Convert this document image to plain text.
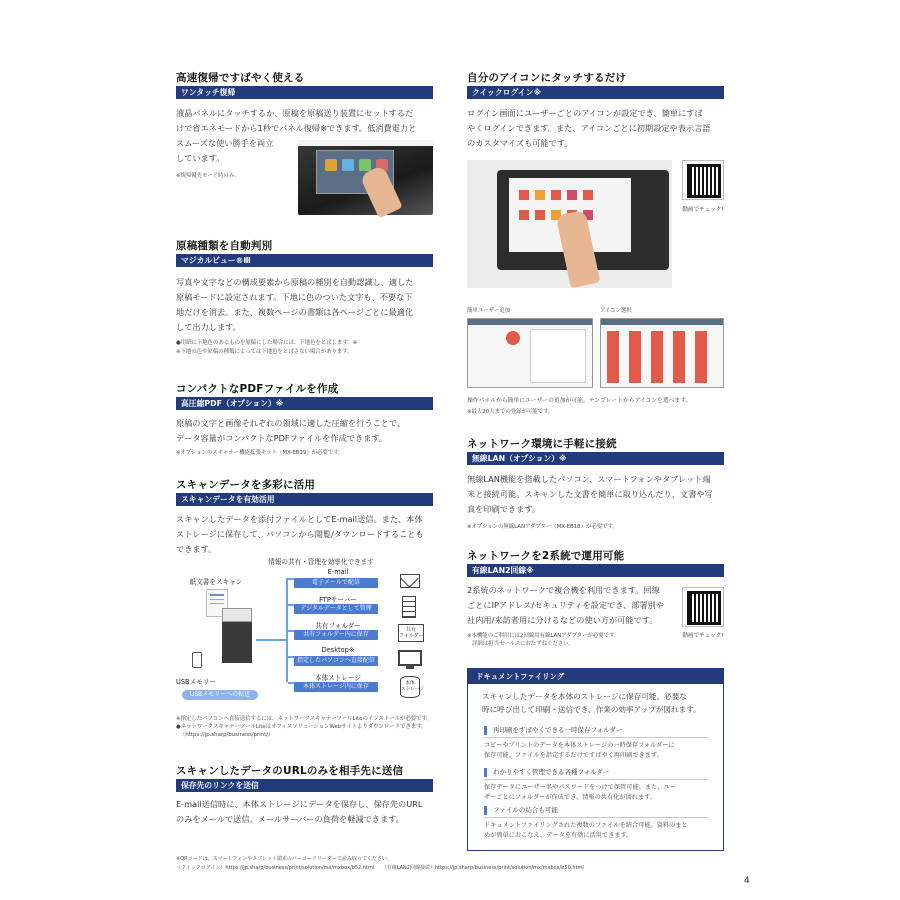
高速復帰ですばやく使える
ワンタッチ復帰
液晶パネルにタッチするか、原稿を原稿送り装置にセットするだ
けで省エネモードから1秒でパネル復帰※できます。低消費電力と
スムーズな使い勝手を両立
しています。
※復帰優先モード時のみ。
原稿種類を自動判別
マジカルビュー®Ⅲ
写真や文字などの構成要素から原稿の種別を自動認識し、適した
原稿モードに設定されます。下地に色のついた文字も、不要な下
地だけを消去。また、複数ページの書類は各ページごとに最適化
して出力します。
●用紙に下地色のあるものを原稿にした場合には、下地色をとばします。※
※下地の色や原稿の種類によっては下地色をとばさない場合があります。
コンパクトなPDFファイルを作成
高圧縮PDF（オプション）※
原稿の文字と画像それぞれの領域に適した圧縮を行うことで、
データ容量がコンパクトなPDFファイルを作成できます。
※オプションのスキャナー機能拡張キット（MX-EB19）が必要です。
スキャンデータを多彩に活用
スキャンデータを有効活用
スキャンしたデータを添付ファイルとしてE-mail送信。また、本体
ストレージに保存して、パソコンから閲覧/ダウンロードすることも
できます。
情報の共有・管理を効率化できます
紙文書をスキャン
USBメモリー
USBメモリーへの転送
E-mail
電子メールで配信
FTPサーバー
デジタルデータとして管理
共有フォルダー
共有フォルダー内に保存
共有
フォルダー
Desktop※
指定したパソコンへ直接配信
本体ストレージ
本体ストレージ内に保存	本体
ストレージ
※指定したパソコンへ直接送信するには、ネットワークスキャナーツールLiteのインストールが必要です。
●ネットワークスキャナーツールLiteはオフィスソリューションWebサイトよりダウンロードできます。
（https://jp.sharp/business/print/）
スキャンしたデータのURLのみを相手先に送信
保存先のリンクを送信
E-mail送信時に、本体ストレージにデータを保存し、保存先のURL
のみをメールで送信。メールサーバーの負荷を軽減できます。
自分のアイコンにタッチするだけ
クイックログイン※
ログイン画面にユーザーごとのアイコンが設定でき、簡単にすば
やくログインできます。また、アイコンごとに初期設定や表示言語
のカスタマイズも可能です。
動画でチェック!
簡単ユーザー追加	アイコン選択
操作パネルから簡単にユーザーの追加が可能。テンプレートからアイコンを選べます。
※最大20人までの登録が可能です。
ネットワーク環境に手軽に接続
無線LAN（オプション）※
無線LAN機能を搭載したパソコン、スマートフォンやタブレット端
末と接続可能。スキャンした文書を簡単に取り込んだり、文書や写
真を印刷できます。
※オプションの無線LANアダプター（MX-EB18）が必要です。
ネットワークを2系統で運用可能
有線LAN2回線※
2系統のネットワークで複合機を利用できます。回線
ごとにIPアドレス/セキュリティを設定でき、部署別や
社内用/来訪者用に分けるなどの使い方が可能です。
※本機能のご利用には2回線用有線LANアダプターが必要です。
詳細は担当セールスにおたずねください。
動画でチェック!
ドキュメントファイリング
スキャンしたデータを本体のストレージに保存可能。必要な
時に呼び出して印刷・送信でき、作業の効率アップが図れます。
再印刷をすばやくできる一時保存フォルダー
コピーやプリントのデータを本体ストレージの一時保存フォルダーに
保存可能。ファイルを指定するだけですばやく再印刷できます。
わかりやすく管理できる各種フォルダー
保存データにユーザー名やパスワードをつけて保管可能。また、ユー
ザーごとにフォルダーが作成でき、情報の共有化が図れます。
ファイルの結合も可能
ドキュメントファイリングされた複数のファイルを結合可能。資料のまと
めが簡単におこなえ、データを有効に活用できます。
※QRコードは、スマートフォンやタブレット端末のバーコードリーダーで読み取ってください。
（クイックログイン）https://jp.sharp/business/print/solution/mx/mxbox/b52.html　　（有線LAN2回線接続）https://jp.sharp/business/print/solution/mx/mxbox/b50.html
4
